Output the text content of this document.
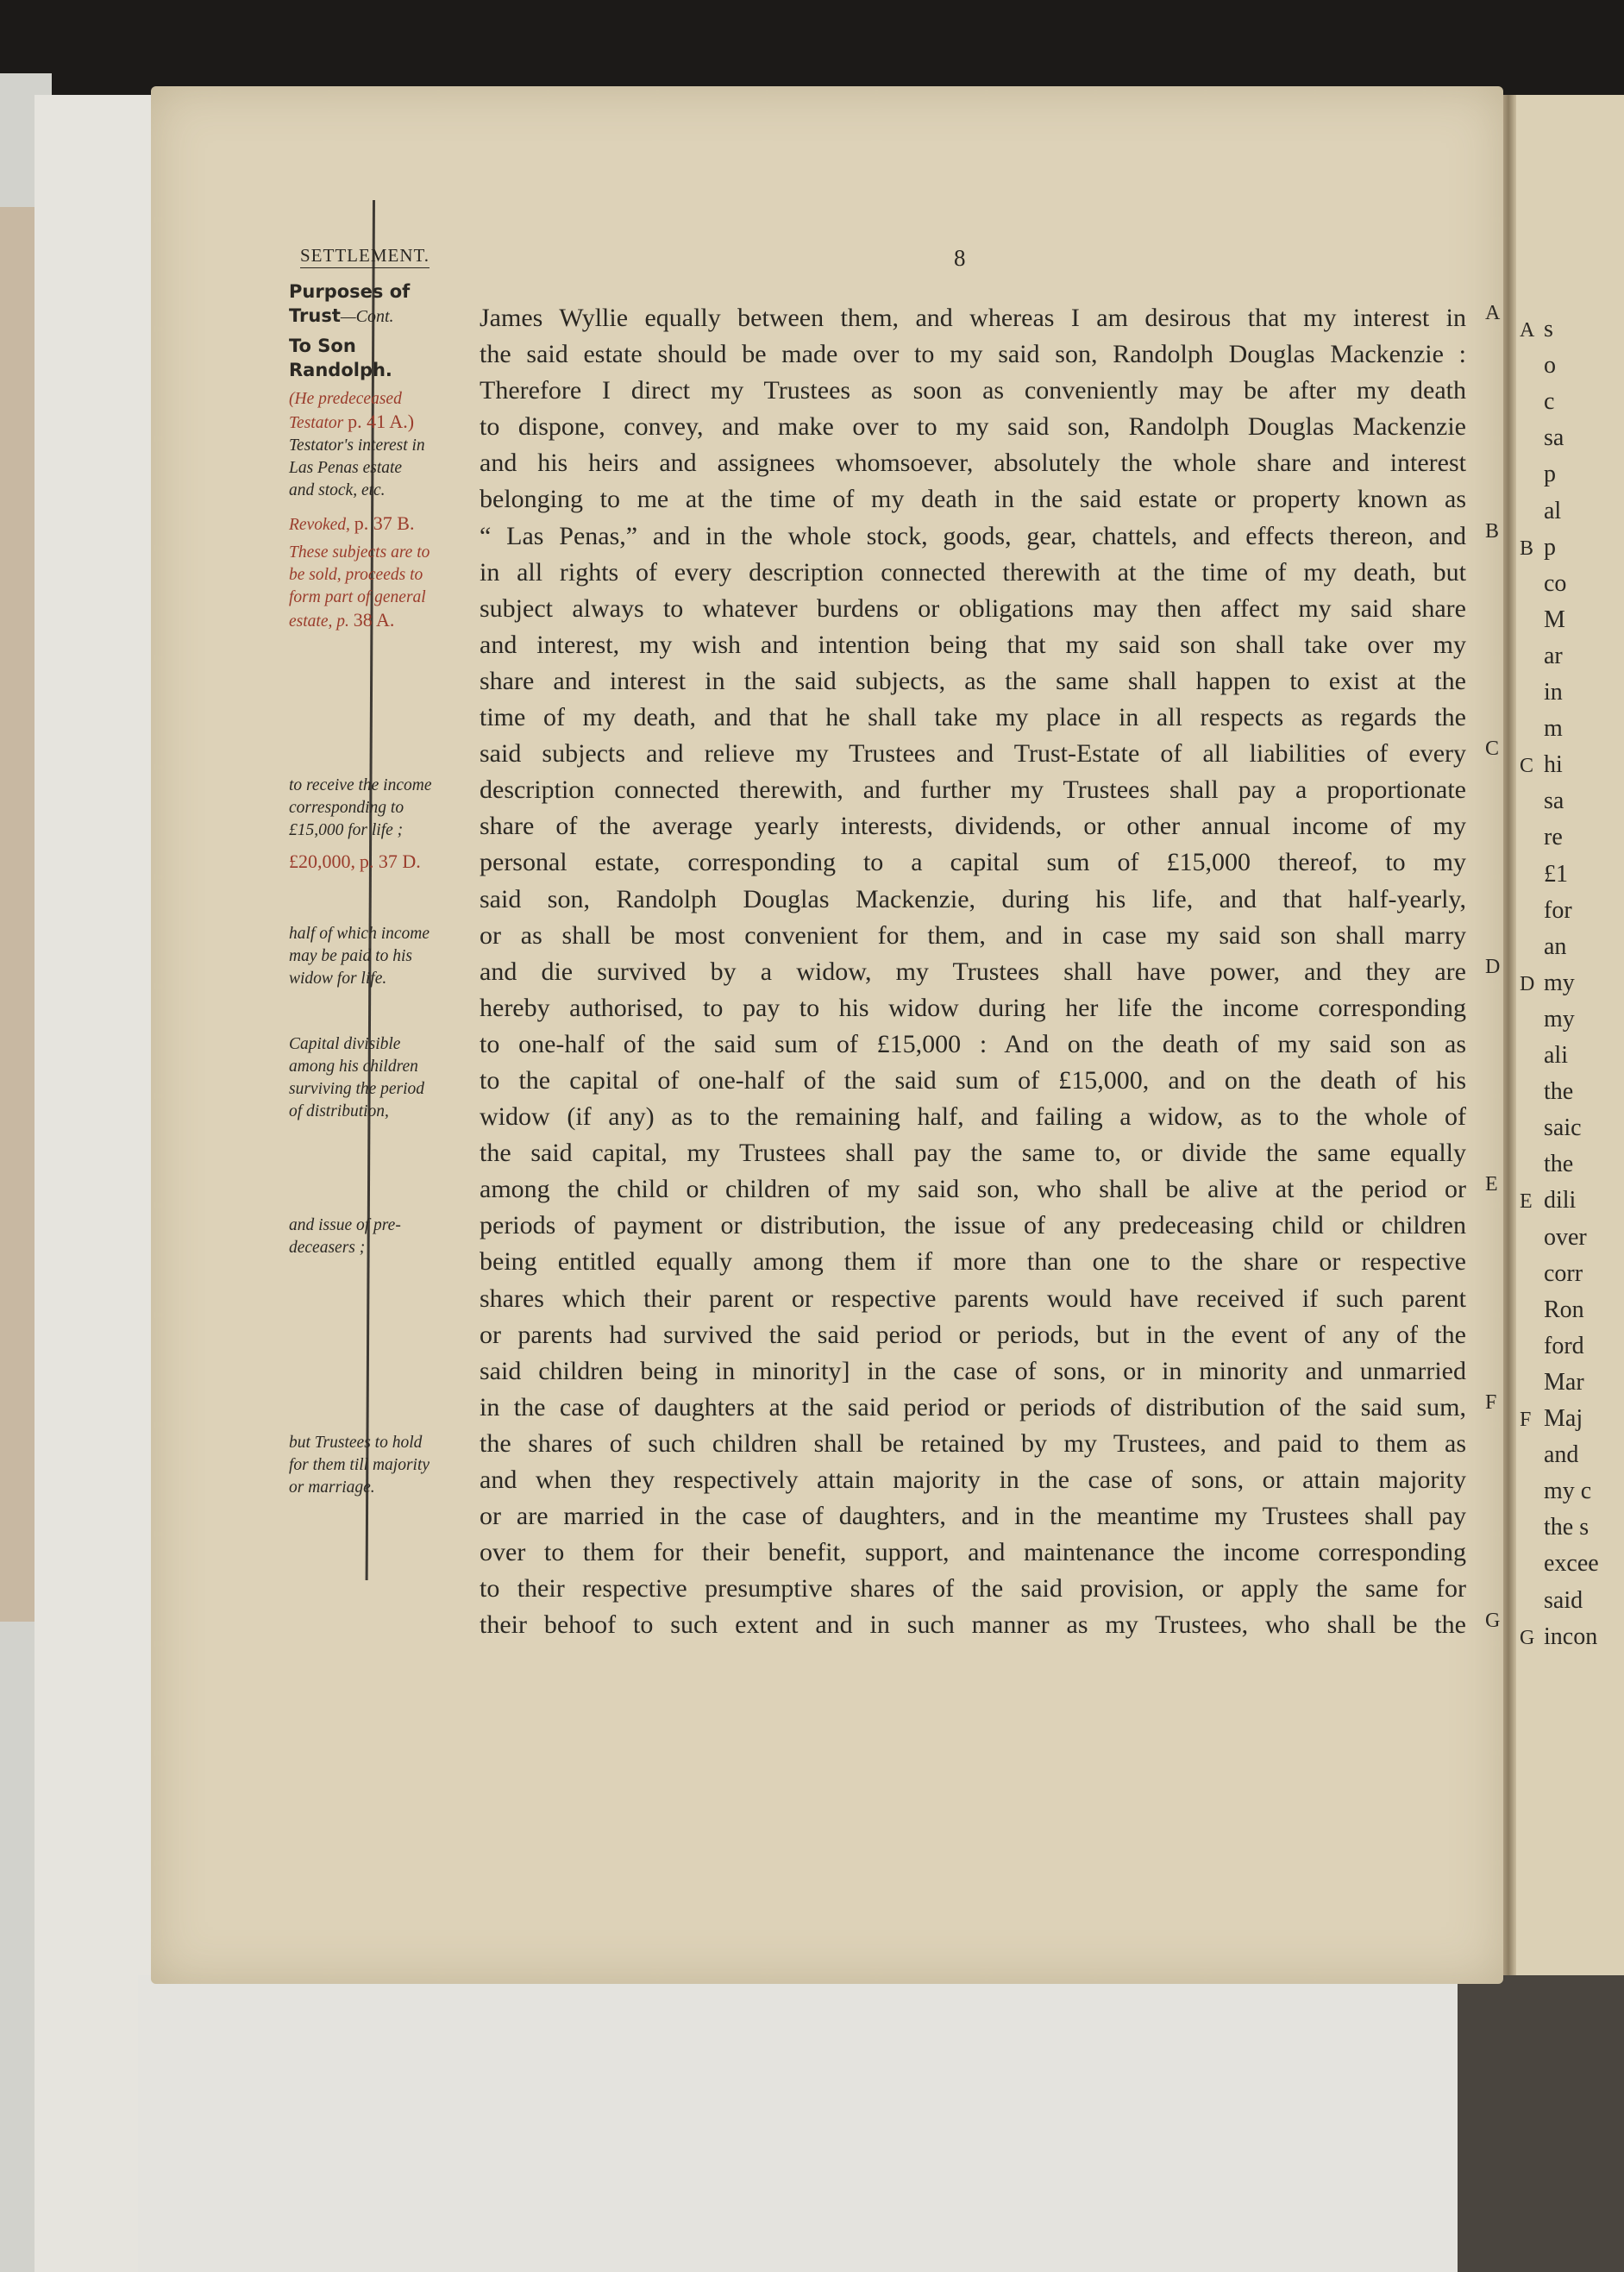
SETTLEMENT.	8
Purposes of
Trust—Cont.
To Son
Randolph.
(He predeceased
Testator p. 41 A.)
Testator's interest in
Las Penas estate
and stock, etc.
Revoked, p. 37 B.
These subjects are to
be sold, proceeds to
form part of general
estate, p. 38 A.
to receive the income
corresponding to
£15,000 for life ;
£20,000, p. 37 D.
half of which income
may be paid to his
widow for life.
Capital divisible
among his children
surviving the period
of distribution,
and issue of pre-
deceasers ;
but Trustees to hold
for them till majority
or marriage.

James Wyllie equally between them, and whereas I am desirous that my interest in

the said estate should be made over to my said son, Randolph Douglas Mackenzie :

Therefore I direct my Trustees as soon as conveniently may be after my death

to dispone, convey, and make over to my said son, Randolph Douglas Mackenzie

and his heirs and assignees whomsoever, absolutely the whole share and interest

belonging to me at the time of my death in the said estate or property known as

“ Las Penas,” and in the whole stock, goods, gear, chattels, and effects thereon, and

in all rights of every description connected therewith at the time of my death, but

subject always to whatever burdens or obligations may then affect my said share

and interest, my wish and intention being that my said son shall take over my

share and interest in the said subjects, as the same shall happen to exist at the

time of my death, and that he shall take my place in all respects as regards the

said subjects and relieve my Trustees and Trust-Estate of all liabilities of every

description connected therewith, and further my Trustees shall pay a proportionate

share of the average yearly interests, dividends, or other annual income of my

personal estate, corresponding to a capital sum of £15,000 thereof, to my

said son, Randolph Douglas Mackenzie, during his life, and that half-yearly,

or as shall be most convenient for them, and in case my said son shall marry

and die survived by a widow, my Trustees shall have power, and they are

hereby authorised, to pay to his widow during her life the income corresponding

to one-half of the said sum of £15,000 : And on the death of my said son as

to the capital of one-half of the said sum of £15,000, and on the death of his

widow (if any) as to the remaining half, and failing a widow, as to the whole of

the said capital, my Trustees shall pay the same to, or divide the same equally

among the child or children of my said son, who shall be alive at the period or

periods of payment or distribution, the issue of any predeceasing child or children

being entitled equally among them if more than one to the share or respective

shares which their parent or respective parents would have received if such parent

or parents had survived the said period or periods, but in the event of any of the

said children being in minority] in the case of sons, or in minority and unmarried

in the case of daughters at the said period or periods of distribution of the said sum,

the shares of such children shall be retained by my Trustees, and paid to them as

and when they respectively attain majority in the case of sons, or attain majority

or are married in the case of daughters, and in the meantime my Trustees shall pay

over to them for their benefit, support, and maintenance the income corresponding

to their respective presumptive shares of the said provision, or apply the same for

their behoof to such extent and in such manner as my Trustees, who shall be the

A
B
C
D
E
F
G
A s
o
c
sa
p
al
B p
co
M
ar
in
m
C hi
sa
re
£1
for
an
D my
my
ali
the
saic
the
E dili
over
corr
Ron
ford
Mar
F Maj
and
my c
the s
excee
said
G incon
